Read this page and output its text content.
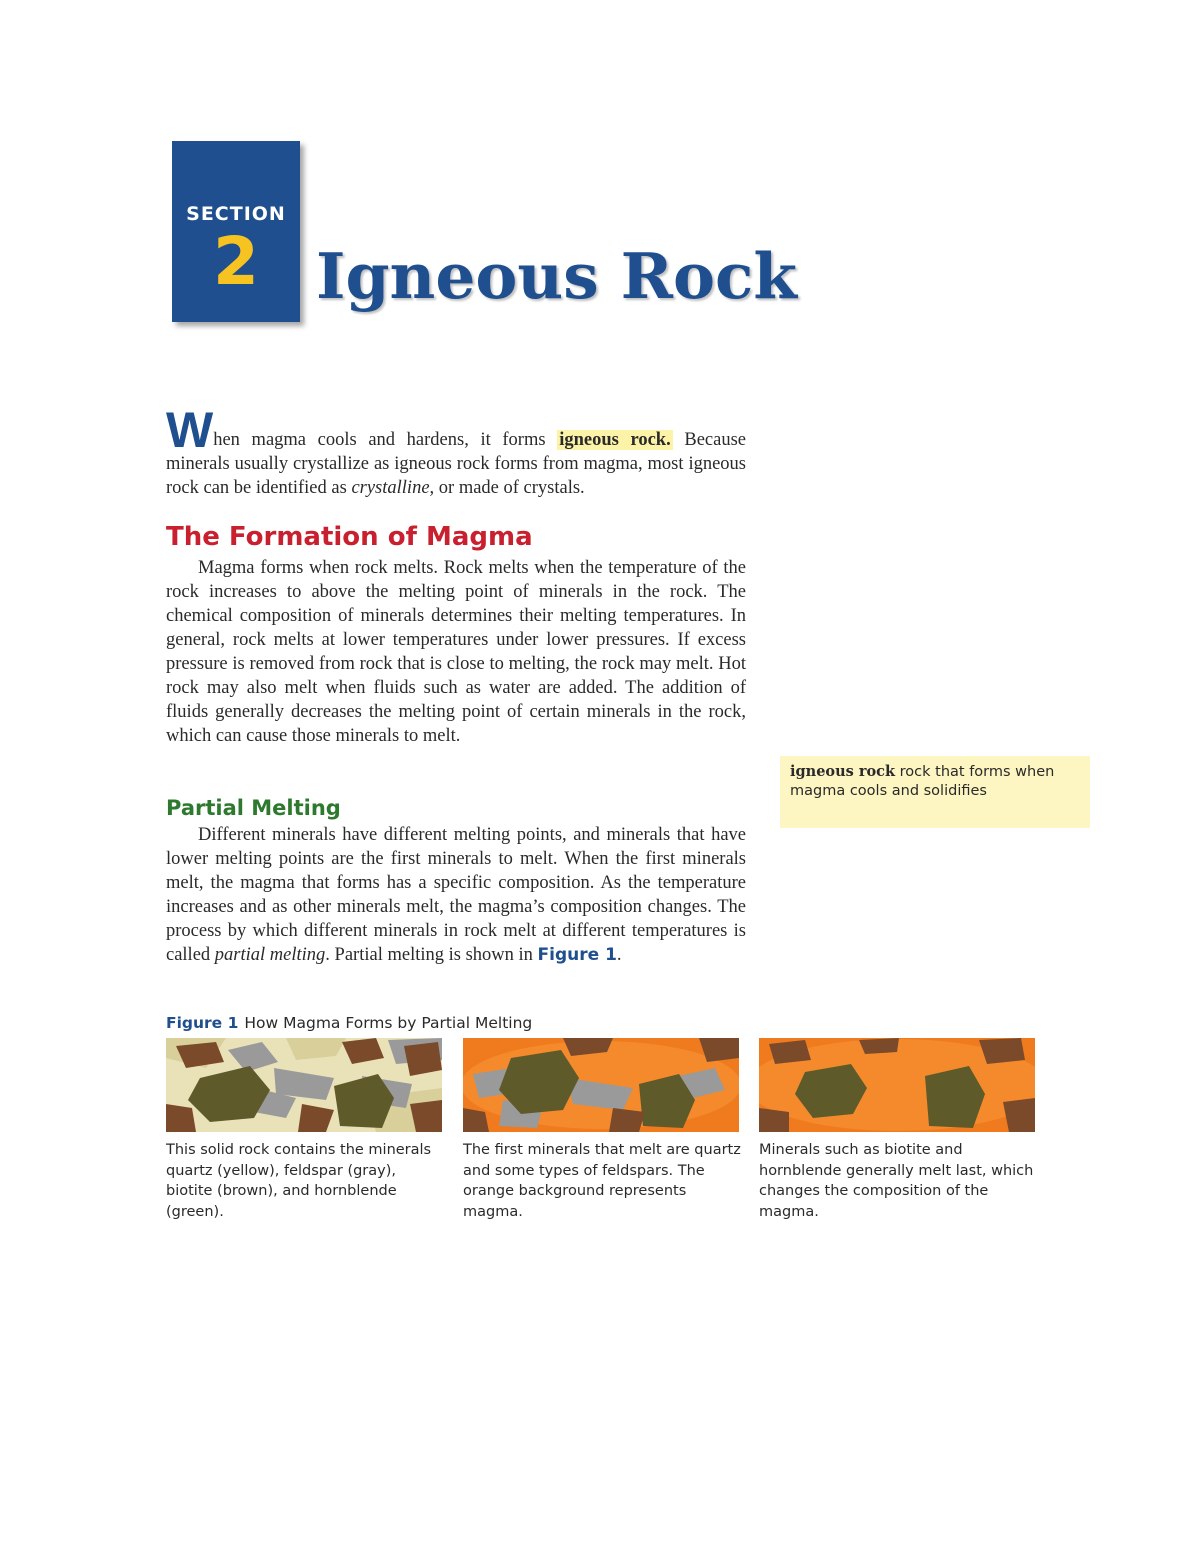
SECTION
2 Igneous Rock

When magma cools and hardens, it forms igneous rock. Because minerals usually crystallize as igneous rock forms from magma, most igneous rock can be identified as crystalline, or made of crystals.

The Formation of Magma

Magma forms when rock melts. Rock melts when the temperature of the rock increases to above the melting point of minerals in the rock. The chemical composition of minerals determines their melting temperatures. In general, rock melts at lower temperatures under lower pressures. If excess pressure is removed from rock that is close to melting, the rock may melt. Hot rock may also melt when fluids such as water are added. The addition of fluids generally decreases the melting point of certain minerals in the rock, which can cause those minerals to melt.

Partial Melting

Different minerals have different melting points, and minerals that have lower melting points are the first minerals to melt. When the first minerals melt, the magma that forms has a specific composition. As the temperature increases and as other minerals melt, the magma’s composition changes. The process by which different minerals in rock melt at different temperatures is called partial melting. Partial melting is shown in Figure 1.

igneous rock rock that forms when magma cools and solidifies
Figure 1 How Magma Forms by Partial Melting
This solid rock contains the minerals quartz (yellow), feldspar (gray), biotite (brown), and hornblende (green).
The first minerals that melt are quartz and some types of feldspars. The orange background represents magma.
Minerals such as biotite and hornblende generally melt last, which changes the composition of the magma.
